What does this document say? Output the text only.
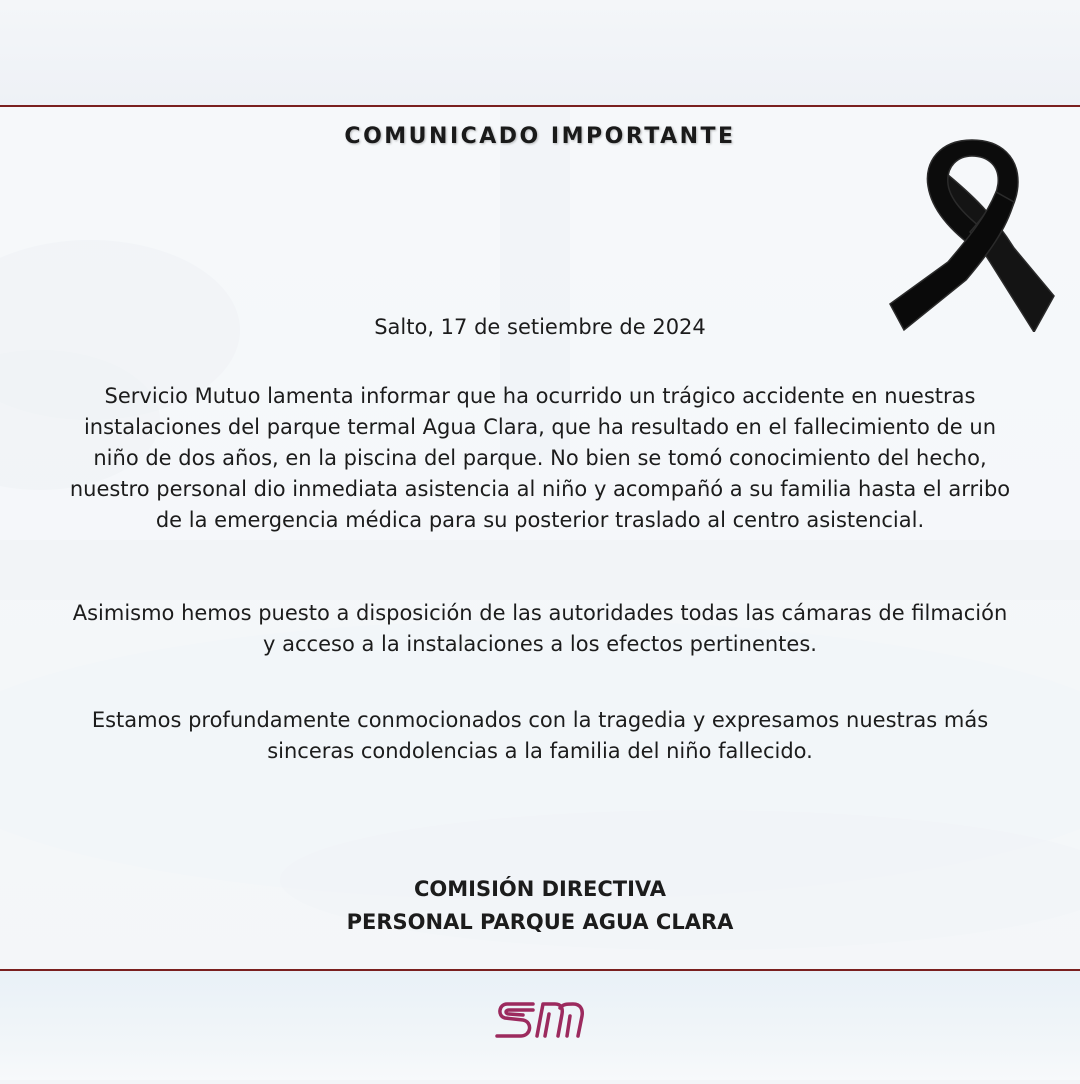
COMUNICADO IMPORTANTE
Salto, 17 de setiembre de 2024

Servicio Mutuo lamenta informar que ha ocurrido un trágico accidente en nuestras
instalaciones del parque termal Agua Clara, que ha resultado en el fallecimiento de un
niño de dos años, en la piscina del parque. No bien se tomó conocimiento del hecho,
nuestro personal dio inmediata asistencia al niño y acompañó a su familia hasta el arribo
de la emergencia médica para su posterior traslado al centro asistencial.

Asimismo hemos puesto a disposición de las autoridades todas las cámaras de filmación
y acceso a la instalaciones a los efectos pertinentes.

Estamos profundamente conmocionados con la tragedia y expresamos nuestras más
sinceras condolencias a la familia del niño fallecido.

COMISIÓN DIRECTIVA
PERSONAL PARQUE AGUA CLARA
